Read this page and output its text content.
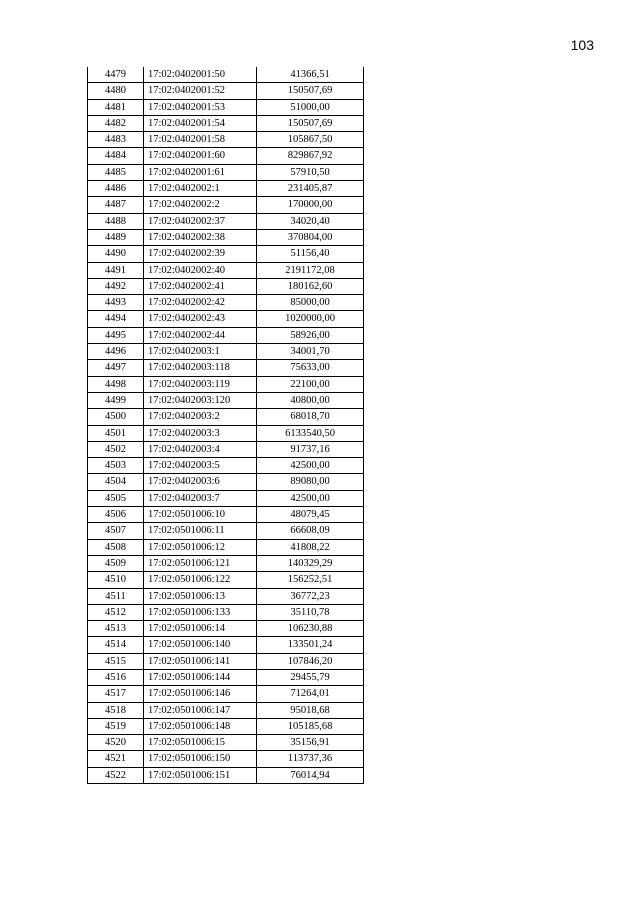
103
4479	17:02:0402001:50	41366,51
4480	17:02:0402001:52	150507,69
4481	17:02:0402001:53	51000,00
4482	17:02:0402001:54	150507,69
4483	17:02:0402001:58	105867,50
4484	17:02:0402001:60	829867,92
4485	17:02:0402001:61	57910,50
4486	17:02:0402002:1	231405,87
4487	17:02:0402002:2	170000,00
4488	17:02:0402002:37	34020,40
4489	17:02:0402002:38	370804,00
4490	17:02:0402002:39	51156,40
4491	17:02:0402002:40	2191172,08
4492	17:02:0402002:41	180162,60
4493	17:02:0402002:42	85000,00
4494	17:02:0402002:43	1020000,00
4495	17:02:0402002:44	58926,00
4496	17:02:0402003:1	34001,70
4497	17:02:0402003:118	75633,00
4498	17:02:0402003:119	22100,00
4499	17:02:0402003:120	40800,00
4500	17:02:0402003:2	68018,70
4501	17:02:0402003:3	6133540,50
4502	17:02:0402003:4	91737,16
4503	17:02:0402003:5	42500,00
4504	17:02:0402003:6	89080,00
4505	17:02:0402003:7	42500,00
4506	17:02:0501006:10	48079,45
4507	17:02:0501006:11	66608,09
4508	17:02:0501006:12	41808,22
4509	17:02:0501006:121	140329,29
4510	17:02:0501006:122	156252,51
4511	17:02:0501006:13	36772,23
4512	17:02:0501006:133	35110,78
4513	17:02:0501006:14	106230,88
4514	17:02:0501006:140	133501,24
4515	17:02:0501006:141	107846,20
4516	17:02:0501006:144	29455,79
4517	17:02:0501006:146	71264,01
4518	17:02:0501006:147	95018,68
4519	17:02:0501006:148	105185,68
4520	17:02:0501006:15	35156,91
4521	17:02:0501006:150	113737,36
4522	17:02:0501006:151	76014,94
